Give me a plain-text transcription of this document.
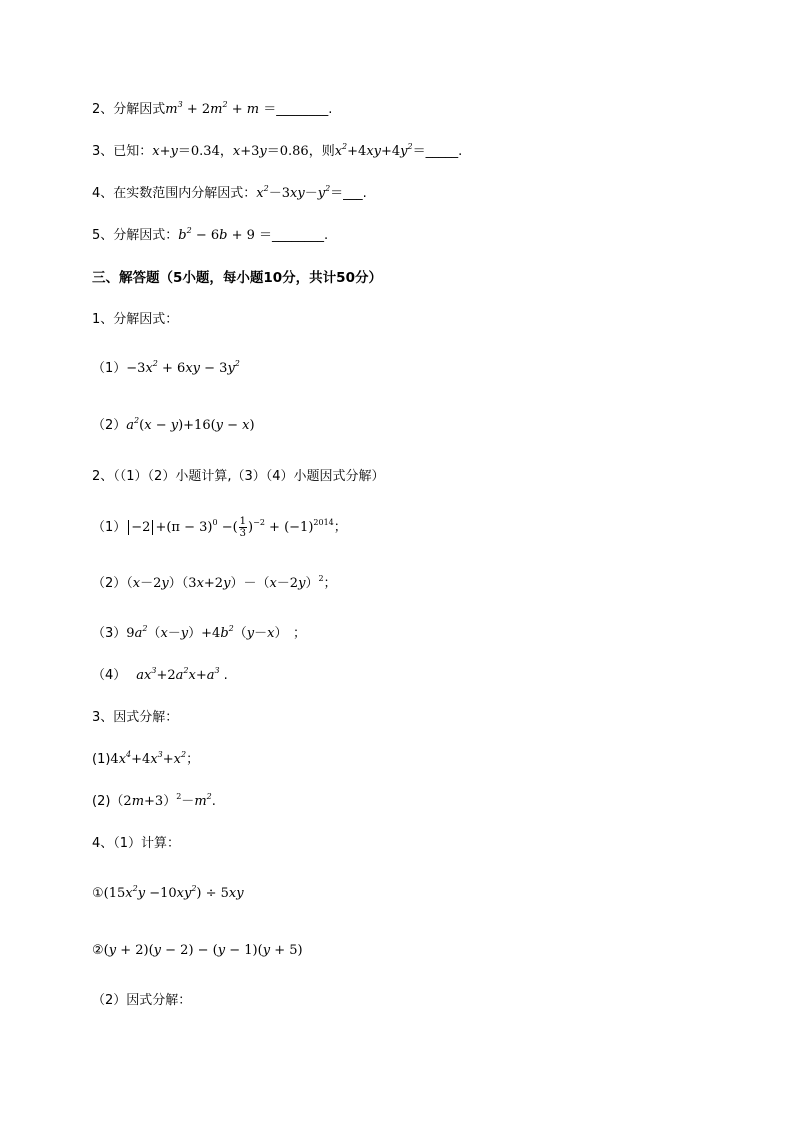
2、分解因式$m^3 + 2m^2 + m$ ＝________.
3、已知：x+y＝0.34，x+3y＝0.86，则$x^2+4xy+4y^2=\_\_\_\_\_$.
4、在实数范围内分解因式：$x^2-3xy-y^2=\_\_\_$.
5、分解因式：$b^2 - 6b + 9$ ＝________.
三、解答题（5小题，每小题10分，共计50分）
1、分解因式：
$(1)-3x^2 + 6xy - 3y^2$
$(2)a^2(x - y)+16(y - x)$
2、（（1）（2）小题计算,（3）（4）小题因式分解）
$(1) -2 +(\pi - 3)^0$ −( $\frac{1}{3} )^{-2} + (-1)^{2014}$；
$(2)(x-2y)(3x+2y)-(x-2y)^2$；
$(3)9a^2(x-y)+4b^2(y-x)$ ；
（4） $ax^3+2a^2x+a^3$ .
3、因式分解：
$(1)4x^4+4x^3+x^2$；
$(2)(2m+3)^2-m^2$.
4、（1）计算：
$①(15x^2y -10xy^2) \div 5xy$
②(y + 2)(y − 2) − (y − 1)(y + 5)
（2）因式分解：
